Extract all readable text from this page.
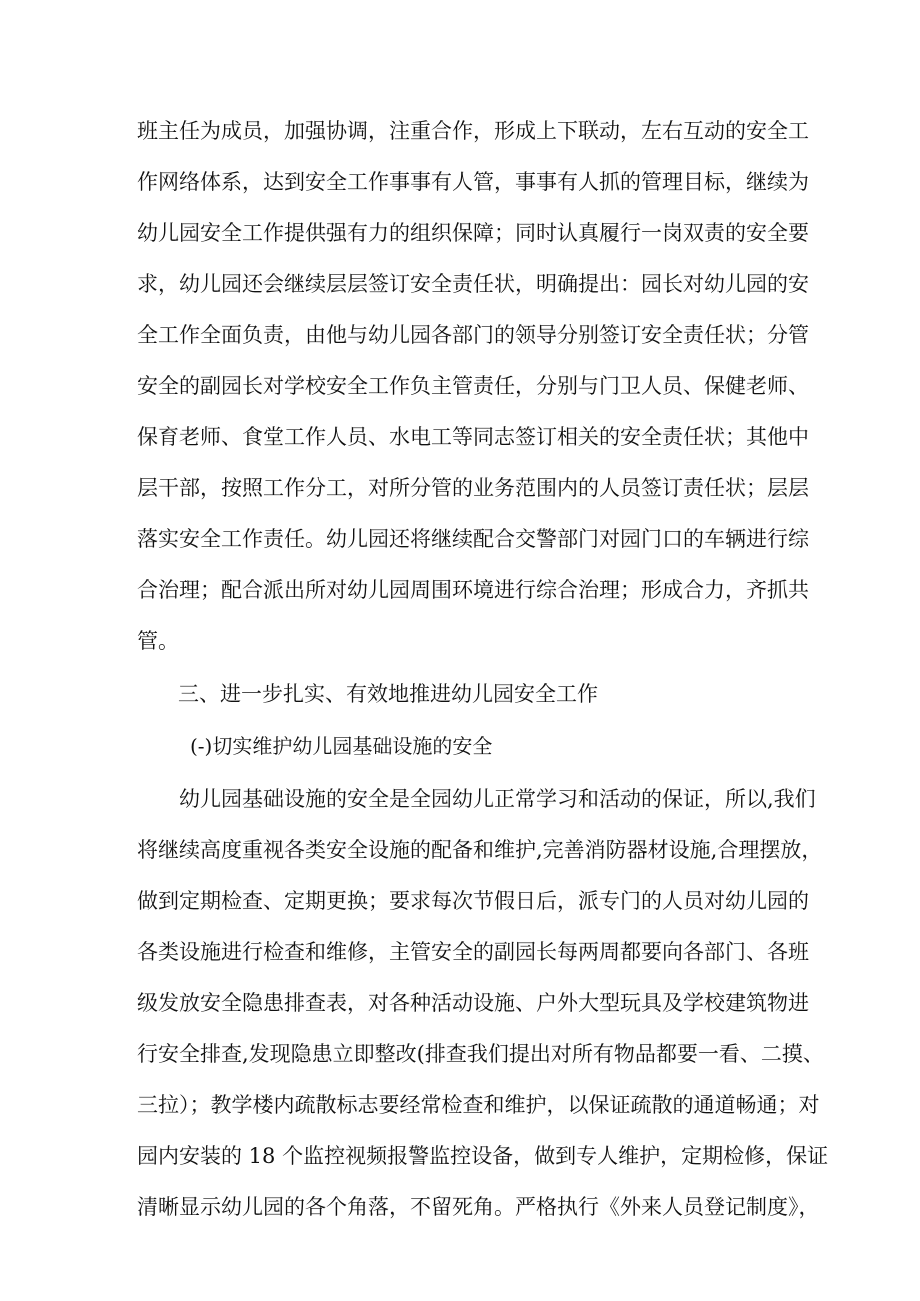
班主任为成员，加强协调，注重合作，形成上下联动，左右互动的安全工
作网络体系，达到安全工作事事有人管，事事有人抓的管理目标，继续为
幼儿园安全工作提供强有力的组织保障；同时认真履行一岗双责的安全要
求，幼儿园还会继续层层签订安全责任状，明确提出：园长对幼儿园的安
全工作全面负责，由他与幼儿园各部门的领导分别签订安全责任状；分管
安全的副园长对学校安全工作负主管责任，分别与门卫人员、保健老师、
保育老师、食堂工作人员、水电工等同志签订相关的安全责任状；其他中
层干部，按照工作分工，对所分管的业务范围内的人员签订责任状；层层
落实安全工作责任。幼儿园还将继续配合交警部门对园门口的车辆进行综
合治理；配合派出所对幼儿园周围环境进行综合治理；形成合力，齐抓共
管。
三、进一步扎实、有效地推进幼儿园安全工作
(-)切实维护幼儿园基础设施的安全
　　幼儿园基础设施的安全是全园幼儿正常学习和活动的保证，所以,我们
将继续高度重视各类安全设施的配备和维护,完善消防器材设施,合理摆放，
做到定期检查、定期更换；要求每次节假日后，派专门的人员对幼儿园的
各类设施进行检查和维修，主管安全的副园长每两周都要向各部门、各班
级发放安全隐患排查表，对各种活动设施、户外大型玩具及学校建筑物进
行安全排查,发现隐患立即整改(排查我们提出对所有物品都要一看、二摸、
三拉）；教学楼内疏散标志要经常检查和维护，以保证疏散的通道畅通；对
园内安装的 18 个监控视频报警监控设备，做到专人维护，定期检修，保证
清晰显示幼儿园的各个角落，不留死角。严格执行《外来人员登记制度》，
